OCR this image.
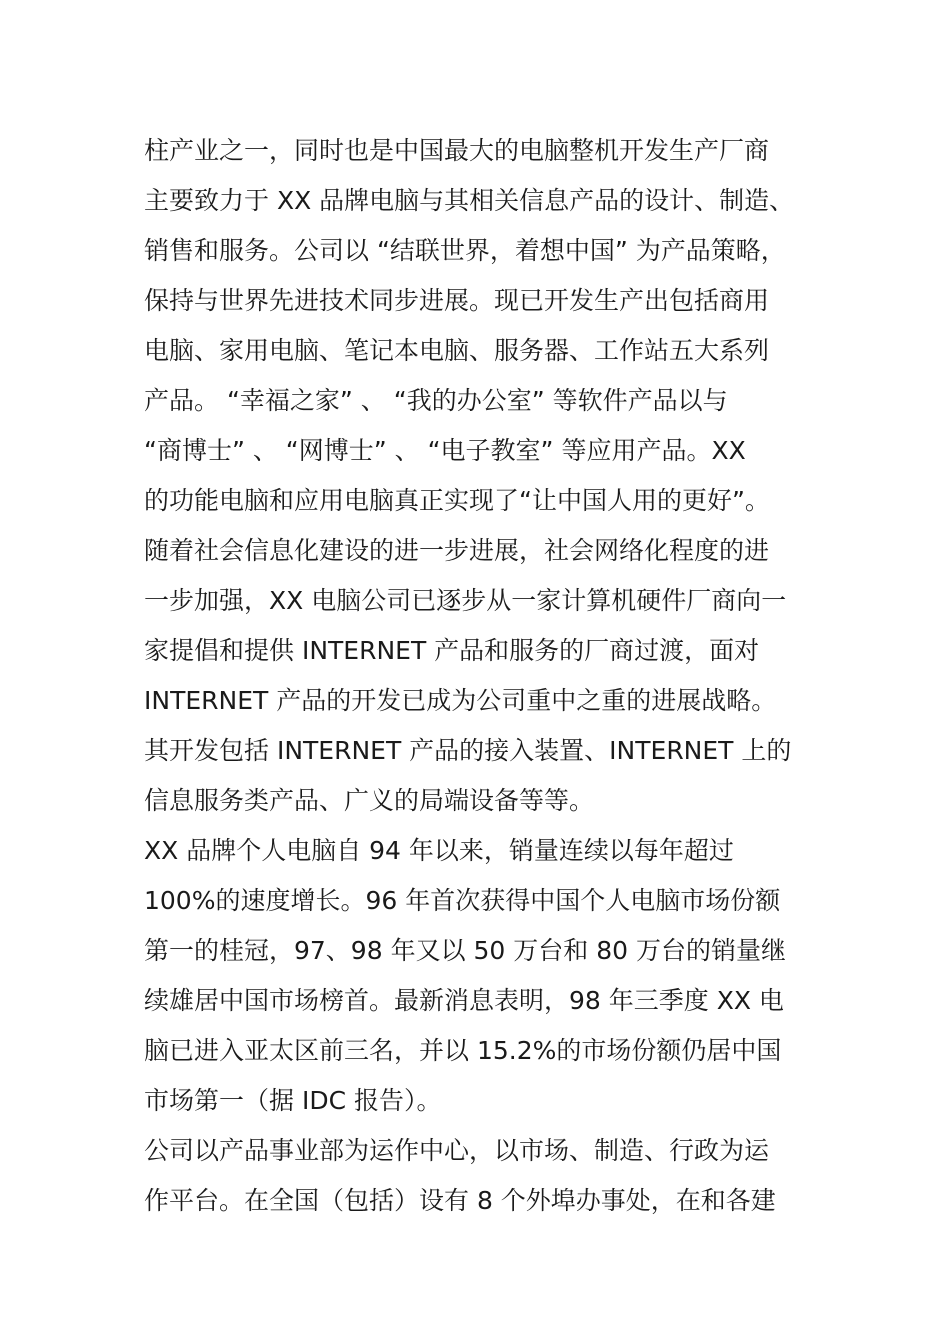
柱产业之一，同时也是中国最大的电脑整机开发生产厂商
主要致力于 XX 品牌电脑与其相关信息产品的设计、制造、
销售和服务。公司以 “结联世界，着想中国” 为产品策略，
保持与世界先进技术同步进展。现已开发生产出包括商用
电脑、家用电脑、笔记本电脑、服务器、工作站五大系列
产品。 “幸福之家” 、 “我的办公室” 等软件产品以与
“商博士” 、 “网博士” 、 “电子教室” 等应用产品。XX
的功能电脑和应用电脑真正实现了“让中国人用的更好”。
随着社会信息化建设的进一步进展，社会网络化程度的进
一步加强，XX 电脑公司已逐步从一家计算机硬件厂商向一
家提倡和提供 INTERNET 产品和服务的厂商过渡，面对
INTERNET 产品的开发已成为公司重中之重的进展战略。
其开发包括 INTERNET 产品的接入装置、INTERNET 上的
信息服务类产品、广义的局端设备等等。
XX 品牌个人电脑自 94 年以来，销量连续以每年超过
100%的速度增长。96 年首次获得中国个人电脑市场份额
第一的桂冠，97、98 年又以 50 万台和 80 万台的销量继
续雄居中国市场榜首。最新消息表明，98 年三季度 XX 电
脑已进入亚太区前三名，并以 15.2%的市场份额仍居中国
市场第一（据 IDC 报告）。
公司以产品事业部为运作中心，以市场、制造、行政为运
作平台。在全国（包括）设有 8 个外埠办事处，在和各建
